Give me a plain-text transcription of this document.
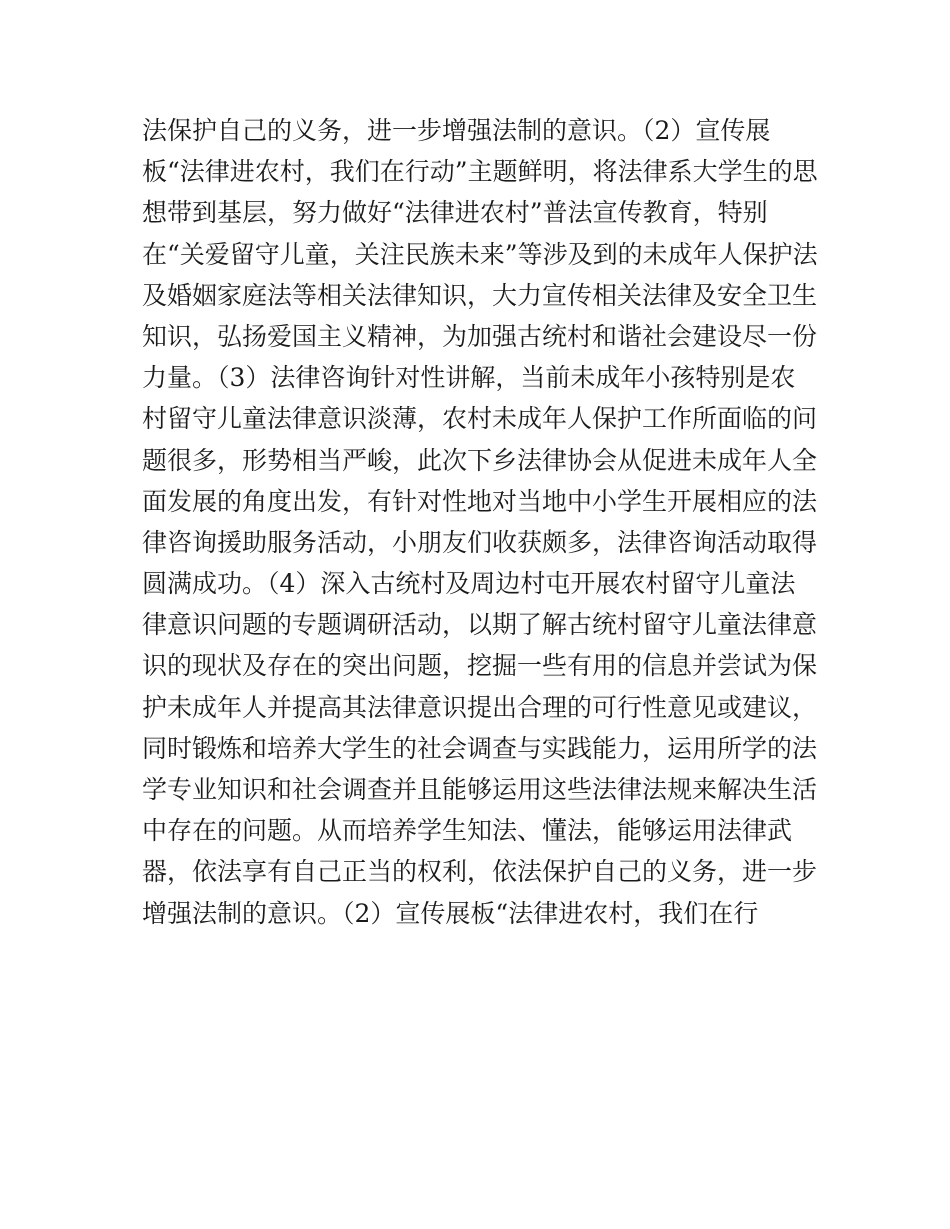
法保护自己的义务，进一步增强法制的意识。（2）宣传展
板“法律进农村，我们在行动”主题鲜明，将法律系大学生的思
想带到基层，努力做好“法律进农村”普法宣传教育，特别
在“关爱留守儿童，关注民族未来”等涉及到的未成年人保护法
及婚姻家庭法等相关法律知识，大力宣传相关法律及安全卫生
知识，弘扬爱国主义精神，为加强古统村和谐社会建设尽一份
力量。（3）法律咨询针对性讲解，当前未成年小孩特别是农
村留守儿童法律意识淡薄，农村未成年人保护工作所面临的问
题很多，形势相当严峻，此次下乡法律协会从促进未成年人全
面发展的角度出发，有针对性地对当地中小学生开展相应的法
律咨询援助服务活动，小朋友们收获颇多，法律咨询活动取得
圆满成功。（4）深入古统村及周边村屯开展农村留守儿童法
律意识问题的专题调研活动，以期了解古统村留守儿童法律意
识的现状及存在的突出问题，挖掘一些有用的信息并尝试为保
护未成年人并提高其法律意识提出合理的可行性意见或建议，
同时锻炼和培养大学生的社会调查与实践能力，运用所学的法
学专业知识和社会调查并且能够运用这些法律法规来解决生活
中存在的问题。从而培养学生知法、懂法，能够运用法律武
器，依法享有自己正当的权利，依法保护自己的义务，进一步
增强法制的意识。（2）宣传展板“法律进农村，我们在行
